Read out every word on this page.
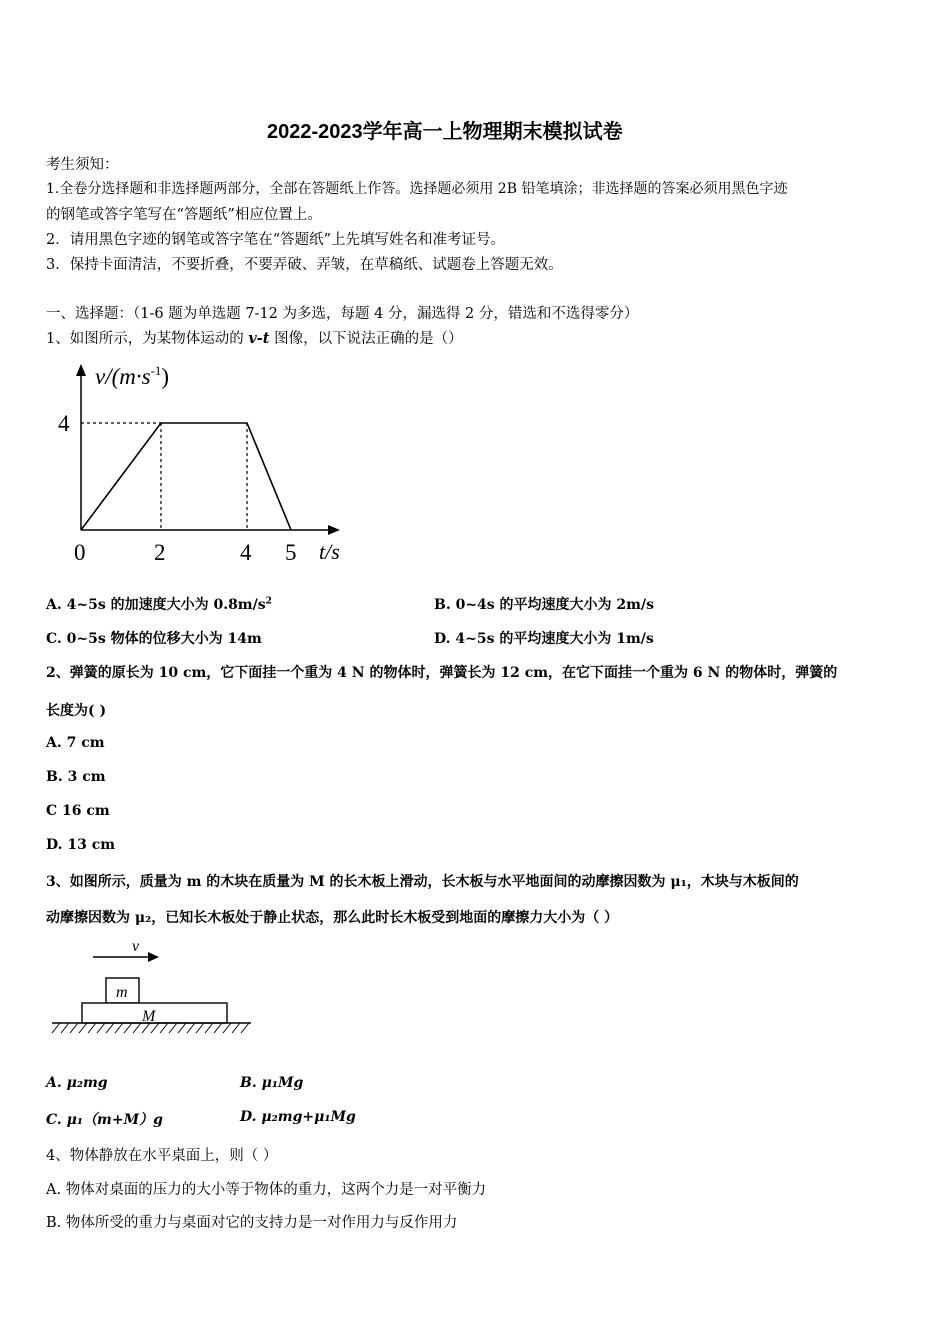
2022-2023学年高一上物理期末模拟试卷
考生须知：
1.全卷分选择题和非选择题两部分，全部在答题纸上作答。选择题必须用 2B 铅笔填涂；非选择题的答案必须用黑色字迹
的钢笔或答字笔写在“答题纸”相应位置上。
2．请用黑色字迹的钢笔或答字笔在“答题纸”上先填写姓名和准考证号。
3．保持卡面清洁，不要折叠，不要弄破、弄皱，在草稿纸、试题卷上答题无效。
一、选择题：（1-6 题为单选题 7-12 为多选，每题 4 分，漏选得 2 分，错选和不选得零分）
1、如图所示，为某物体运动的 v-t 图像，以下说法正确的是（）
$v/(m\cdot s^{-1})$
4
0	2	4 5 t/s
A. 4~5s 的加速度大小为 $0.8m/s^2$	B. 0~4s 的平均速度大小为 2m/s
C. 0~5s 物体的位移大小为 14m	D. 4~5s 的平均速度大小为 1m/s
2、弹簧的原长为 10 cm，它下面挂一个重为 4 N 的物体时，弹簧长为 12 cm，在它下面挂一个重为 6 N 的物体时，弹簧的
长度为( )
A. 7 cm
B. 3 cm
C 16 cm
D. 13 cm
3、如图所示，质量为 m 的木块在质量为 M 的长木板上滑动，长木板与水平地面间的动摩擦因数为 μ₁，木块与木板间的
动摩擦因数为 μ₂，已知长木板处于静止状态，那么此时长木板受到地面的摩擦力大小为（ ）
v
m
M
A. μ₂mg	B. μ₁Mg
C. μ₁（m+M）g	D. μ₂mg+μ₁Mg
4、物体静放在水平桌面上，则（ ）
A. 物体对桌面的压力的大小等于物体的重力，这两个力是一对平衡力
B. 物体所受的重力与桌面对它的支持力是一对作用力与反作用力
